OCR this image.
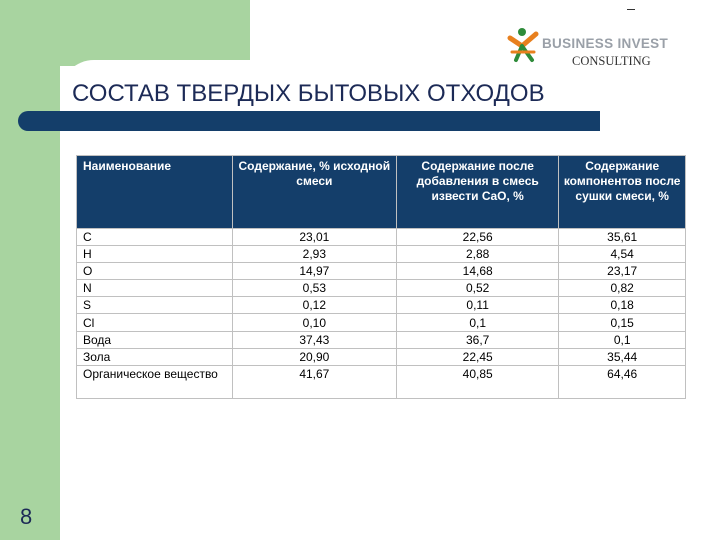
BUSINESS INVEST
CONSULTING
СОСТАВ ТВЕРДЫХ БЫТОВЫХ ОТХОДОВ
Наименование	Содержание, % исходной смеси	Содержание после добавления в смесь извести CaO, %	Содержание компонентов после сушки смеси, %
C	23,01	22,56	35,61
H	2,93	2,88	4,54
O	14,97	14,68	23,17
N	0,53	0,52	0,82
S	0,12	0,11	0,18
Cl	0,10	0,1	0,15
Вода	37,43	36,7	0,1
Зола	20,90	22,45	35,44
Органическое вещество	41,67	40,85	64,46
8
